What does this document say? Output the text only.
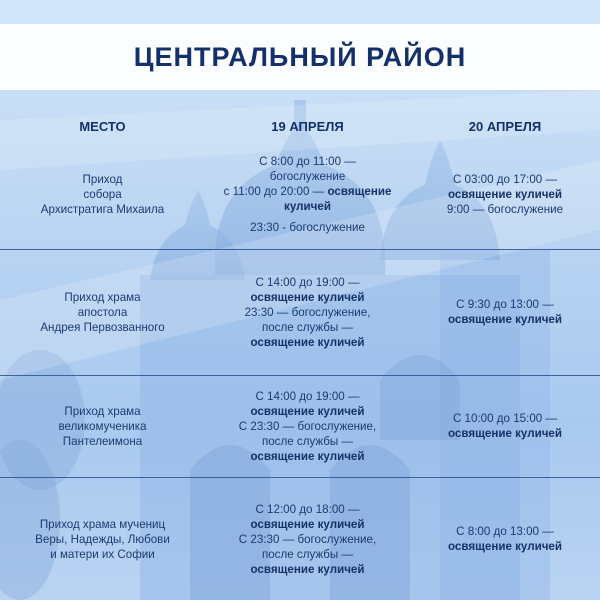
ЦЕНТРАЛЬНЫЙ РАЙОН
МЕСТО	19 АПРЕЛЯ	20 АПРЕЛЯ
Приход
собора
Архистратига Михаила
C 8:00 до 11:00 —
богослужение
с 11:00 до 20:00 — освящение
куличей
23:30 - богослужение
С 03:00 до 17:00 —
освящение куличей
9:00 — богослужение
Приход храма
апостола
Андрея Первозванного
С 14:00 до 19:00 —
освящение куличей
23:30 — богослужение,
после службы —
освящение куличей
С 9:30 до 13:00 —
освящение куличей
Приход храма
великомученика
Пантелеимона
С 14:00 до 19:00 —
освящение куличей
С 23:30 — богослужение,
после службы —
освящение куличей
С 10:00 до 15:00 —
освящение куличей
Приход храма мучениц
Веры, Надежды, Любови
и матери их Софии
С 12:00 до 18:00 —
освящение куличей
С 23:30 — богослужение,
после службы —
освящение куличей
С 8:00 до 13:00 —
освящение куличей
